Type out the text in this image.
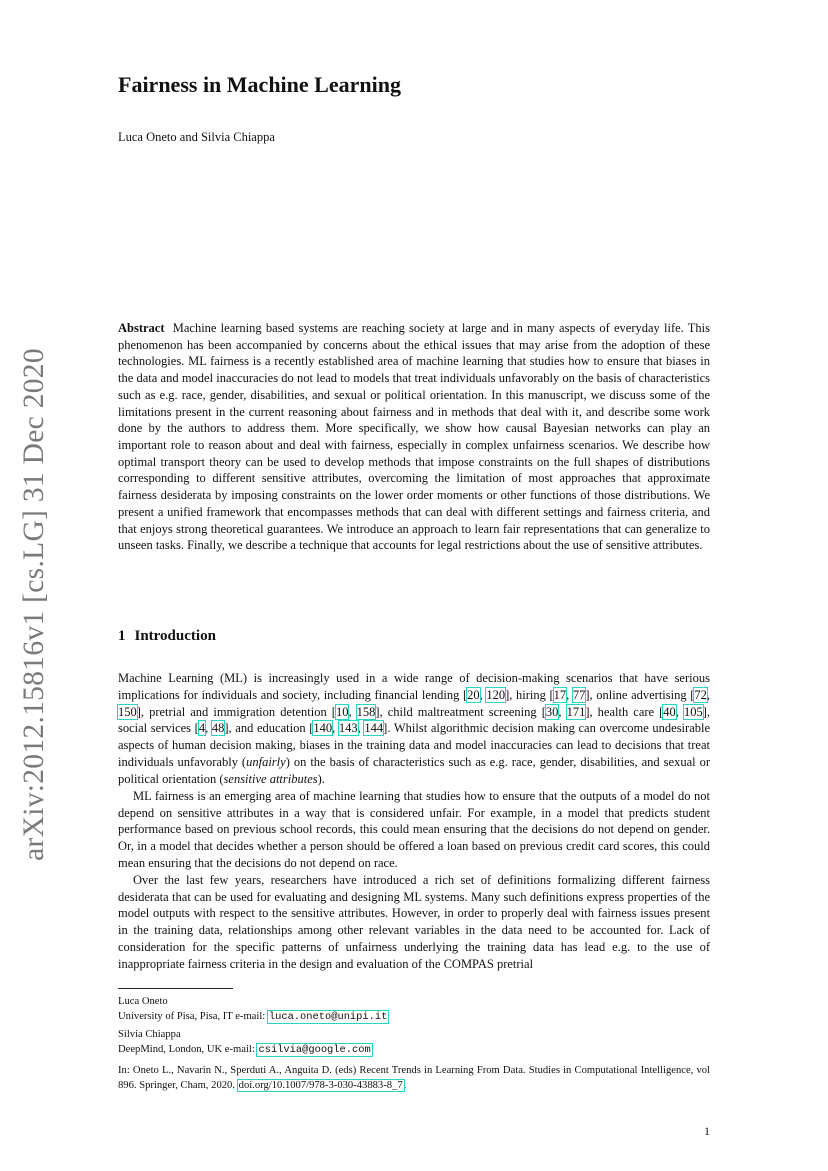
arXiv:2012.15816v1 [cs.LG] 31 Dec 2020
Fairness in Machine Learning
Luca Oneto and Silvia Chiappa

Abstract Machine learning based systems are reaching society at large and in many aspects of everyday life. This phenomenon has been accompanied by concerns about the ethical issues that may arise from the adoption of these technologies. ML fairness is a recently established area of machine learning that studies how to ensure that biases in the data and model inaccuracies do not lead to models that treat individuals unfavorably on the basis of characteristics such as e.g. race, gender, disabilities, and sexual or political orientation. In this manuscript, we discuss some of the limitations present in the current reasoning about fairness and in methods that deal with it, and describe some work done by the authors to address them. More specifically, we show how causal Bayesian networks can play an important role to reason about and deal with fairness, especially in complex unfairness scenarios. We describe how optimal transport theory can be used to develop methods that impose constraints on the full shapes of distributions corresponding to different sensitive attributes, overcoming the limitation of most approaches that approximate fairness desiderata by imposing constraints on the lower order moments or other functions of those distributions. We present a unified framework that encompasses methods that can deal with different settings and fairness criteria, and that enjoys strong theoretical guarantees. We introduce an approach to learn fair representations that can generalize to unseen tasks. Finally, we describe a technique that accounts for legal restrictions about the use of sensitive attributes.

1 Introduction

Machine Learning (ML) is increasingly used in a wide range of decision-making scenarios that have serious implications for individuals and society, including financial lending [20, 120], hiring [17, 77], online advertising [72, 150], pretrial and immigration detention [10, 158], child maltreatment screening [30, 171], health care [40, 105], social services [4, 48], and education [140, 143, 144]. Whilst algorithmic decision making can overcome undesirable aspects of human decision making, biases in the training data and model inaccuracies can lead to decisions that treat individuals unfavorably (unfairly) on the basis of characteristics such as e.g. race, gender, disabilities, and sexual or political orientation (sensitive attributes).

ML fairness is an emerging area of machine learning that studies how to ensure that the outputs of a model do not depend on sensitive attributes in a way that is considered unfair. For example, in a model that predicts student performance based on previous school records, this could mean ensuring that the decisions do not depend on gender. Or, in a model that decides whether a person should be offered a loan based on previous credit card scores, this could mean ensuring that the decisions do not depend on race.

Over the last few years, researchers have introduced a rich set of definitions formalizing different fairness desiderata that can be used for evaluating and designing ML systems. Many such definitions express properties of the model outputs with respect to the sensitive attributes. However, in order to properly deal with fairness issues present in the training data, relationships among other relevant variables in the data need to be accounted for. Lack of consideration for the specific patterns of unfairness underlying the training data has lead e.g. to the use of inappropriate fairness criteria in the design and evaluation of the COMPAS pretrial

Luca Oneto
University of Pisa, Pisa, IT e-mail: luca.oneto@unipi.it
Silvia Chiappa
DeepMind, London, UK e-mail: csilvia@google.com
In: Oneto L., Navarin N., Sperduti A., Anguita D. (eds) Recent Trends in Learning From Data. Studies in Computational Intelligence, vol 896. Springer, Cham, 2020. doi.org/10.1007/978-3-030-43883-8_7.
1
